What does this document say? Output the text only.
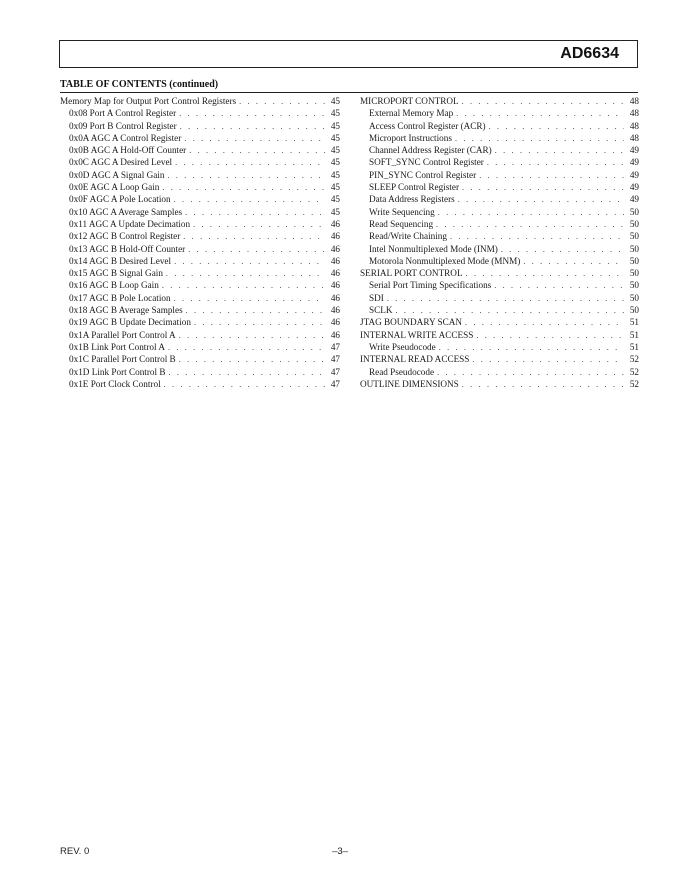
AD6634
TABLE OF CONTENTS (continued)
Memory Map for Output Port Control Registers . . .	45
0x08 Port A Control Register . . .	45
0x09 Port B Control Register . . .	45
0x0A AGC A Control Register . . .	45
0x0B AGC A Hold-Off Counter . . .	45
0x0C AGC A Desired Level . . .	45
0x0D AGC A Signal Gain . . .	45
0x0E AGC A Loop Gain . . .	45
0x0F AGC A Pole Location . . .	45
0x10 AGC A Average Samples . . .	45
0x11 AGC A Update Decimation . . .	46
0x12 AGC B Control Register . . .	46
0x13 AGC B Hold-Off Counter . . .	46
0x14 AGC B Desired Level . . .	46
0x15 AGC B Signal Gain . . .	46
0x16 AGC B Loop Gain . . .	46
0x17 AGC B Pole Location . . .	46
0x18 AGC B Average Samples . . .	46
0x19 AGC B Update Decimation . . .	46
0x1A Parallel Port Control A . . .	46
0x1B Link Port Control A . . .	47
0x1C Parallel Port Control B . . .	47
0x1D Link Port Control B . . .	47
0x1E Port Clock Control . . .	47
MICROPORT CONTROL . . .	48
External Memory Map . . .	48
Access Control Register (ACR) . . .	48
Microport Instructions . . .	48
Channel Address Register (CAR) . . .	49
SOFT_SYNC Control Register . . .	49
PIN_SYNC Control Register . . .	49
SLEEP Control Register . . .	49
Data Address Registers . . .	49
Write Sequencing . . .	50
Read Sequencing . . .	50
Read/Write Chaining . . .	50
Intel Nonmultiplexed Mode (INM) . . .	50
Motorola Nonmultiplexed Mode (MNM) . . .	50
SERIAL PORT CONTROL . . .	50
Serial Port Timing Specifications . . .	50
SDI . . .	50
SCLK . . .	50
JTAG BOUNDARY SCAN . . .	51
INTERNAL WRITE ACCESS . . .	51
Write Pseudocode . . .	51
INTERNAL READ ACCESS . . .	52
Read Pseudocode . . .	52
OUTLINE DIMENSIONS . . .	52
REV. 0	–3–
